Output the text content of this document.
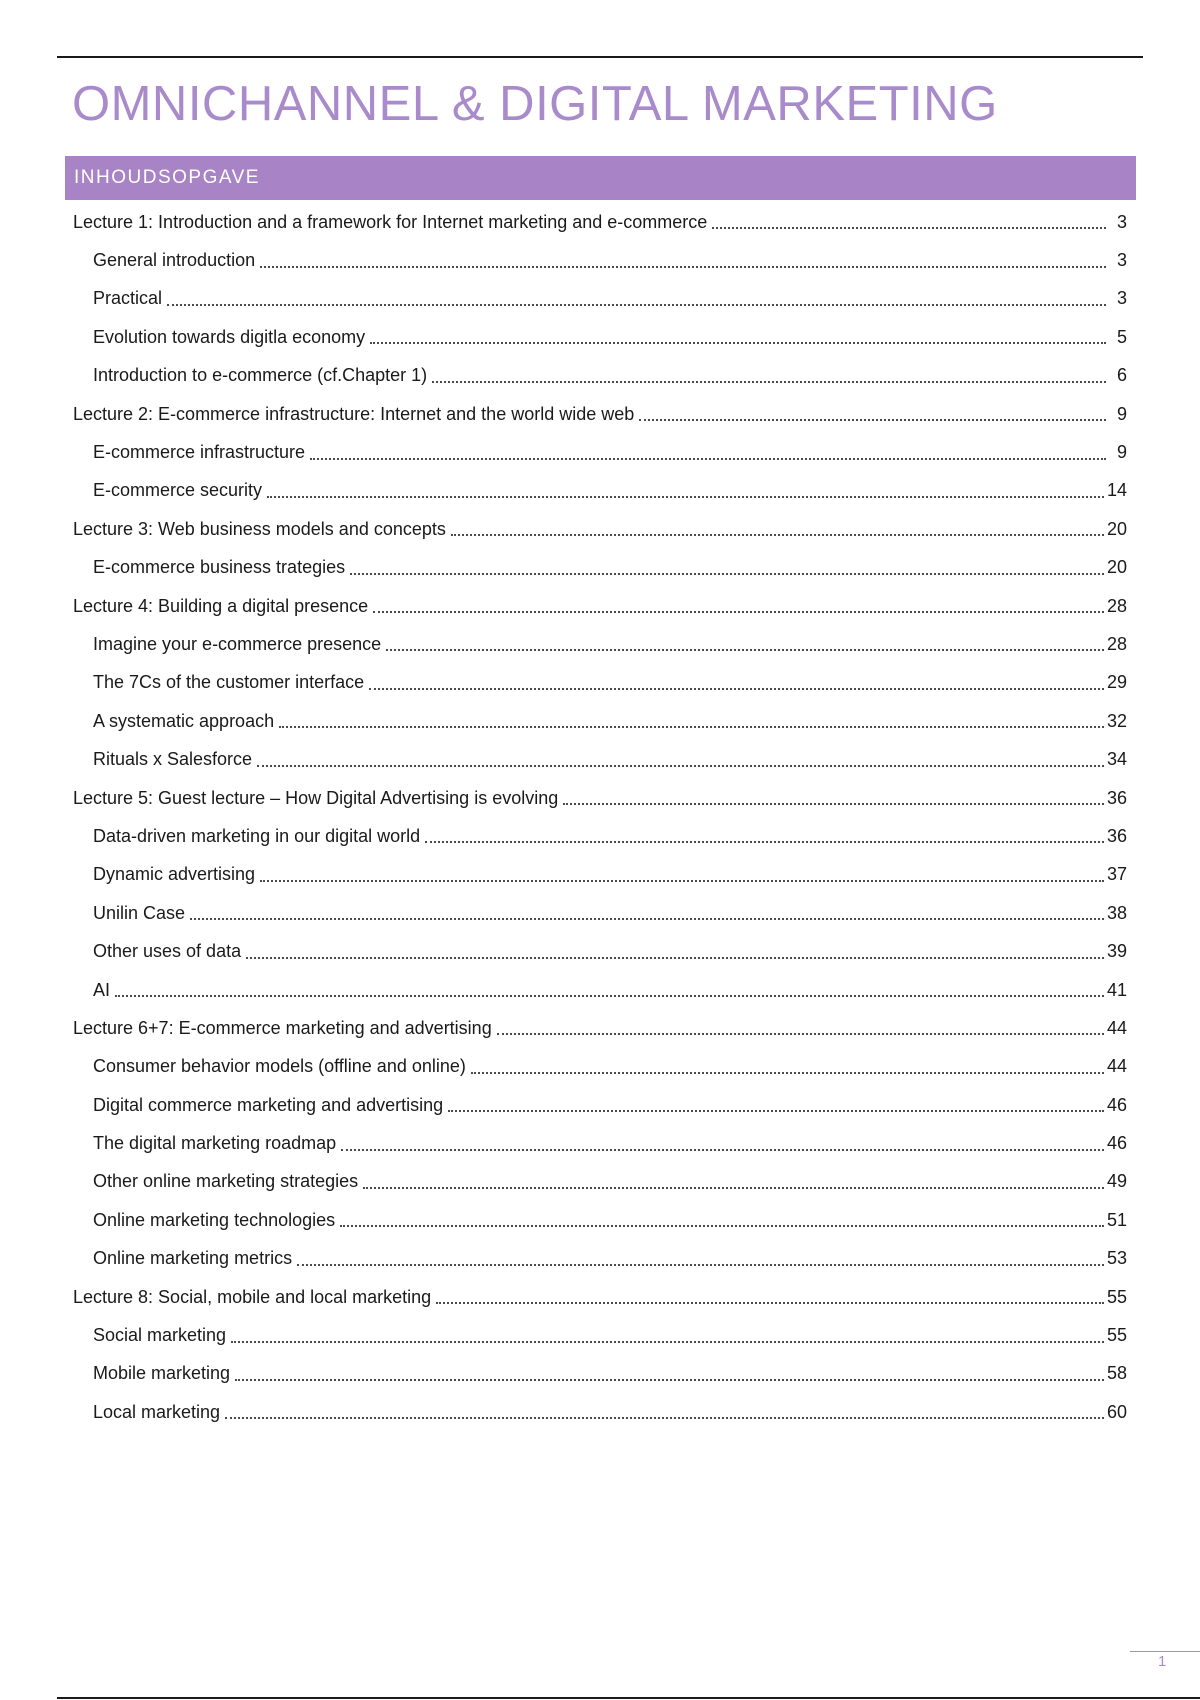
OMNICHANNEL & DIGITAL MARKETING
INHOUDSOPGAVE
Lecture 1: Introduction and a framework for Internet marketing and e-commerce	3
General introduction	3
Practical	3
Evolution towards digitla economy	5
Introduction to e-commerce (cf.Chapter 1)	6
Lecture 2: E-commerce infrastructure: Internet and the world wide web	9
E-commerce infrastructure	9
E-commerce security	14
Lecture 3: Web business models and concepts	20
E-commerce business trategies	20
Lecture 4: Building a digital presence	28
Imagine your e-commerce presence	28
The 7Cs of the customer interface	29
A systematic approach	32
Rituals x Salesforce	34
Lecture 5: Guest lecture – How Digital Advertising is evolving	36
Data-driven marketing in our digital world	36
Dynamic advertising	37
Unilin Case	38
Other uses of data	39
AI	41
Lecture 6+7: E-commerce marketing and advertising	44
Consumer behavior models (offline and online)	44
Digital commerce marketing and advertising	46
The digital marketing roadmap	46
Other online marketing strategies	49
Online marketing technologies	51
Online marketing metrics	53
Lecture 8: Social, mobile and local marketing	55
Social marketing	55
Mobile marketing	58
Local marketing	60
1
